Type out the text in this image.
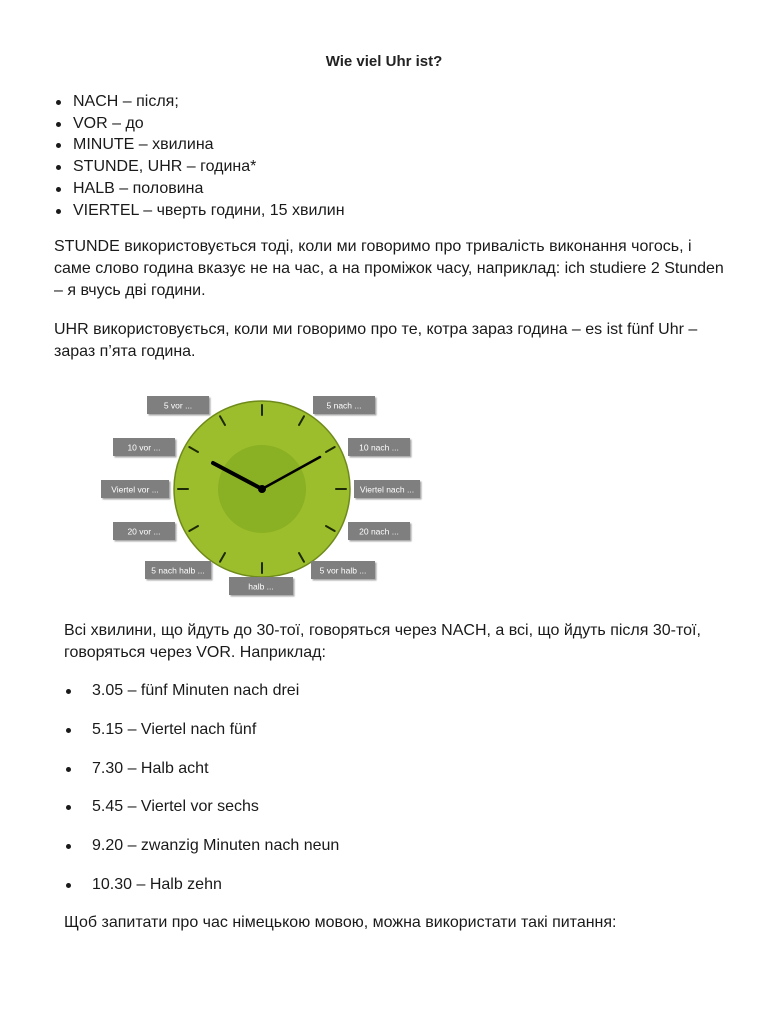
Wie viel Uhr ist?
NACH – після;
VOR – до
MINUTE – хвилина
STUNDE, UHR – година*
HALB – половина
VIERTEL – чверть години, 15 хвилин

STUNDE використовується тоді, коли ми говоримо про тривалість виконання чогось, і саме слово година вказує не на час, а на проміжок часу, наприклад: ich studiere 2 Stunden – я вчусь дві години.

UHR використовується, коли ми говоримо про те, котра зараз година – es ist fünf Uhr – зараз п’ята година.

5 vor ...	5 nach ...
10 vor ...	10 nach ...
Viertel vor ...	Viertel nach ...
20 vor ...	20 nach ...
5 nach halb ...	5 vor halb ...
halb ...

Всі хвилини, що йдуть до 30-тої, говоряться через NACH, а всі, що йдуть після 30-тої, говоряться через VOR. Наприклад:

3.05 – fünf Minuten nach drei
5.15 – Viertel nach fünf
7.30 – Halb acht
5.45 – Viertel vor sechs
9.20 – zwanzig Minuten nach neun
10.30 – Halb zehn

Щоб запитати про час німецькою мовою, можна використати такі питання:
